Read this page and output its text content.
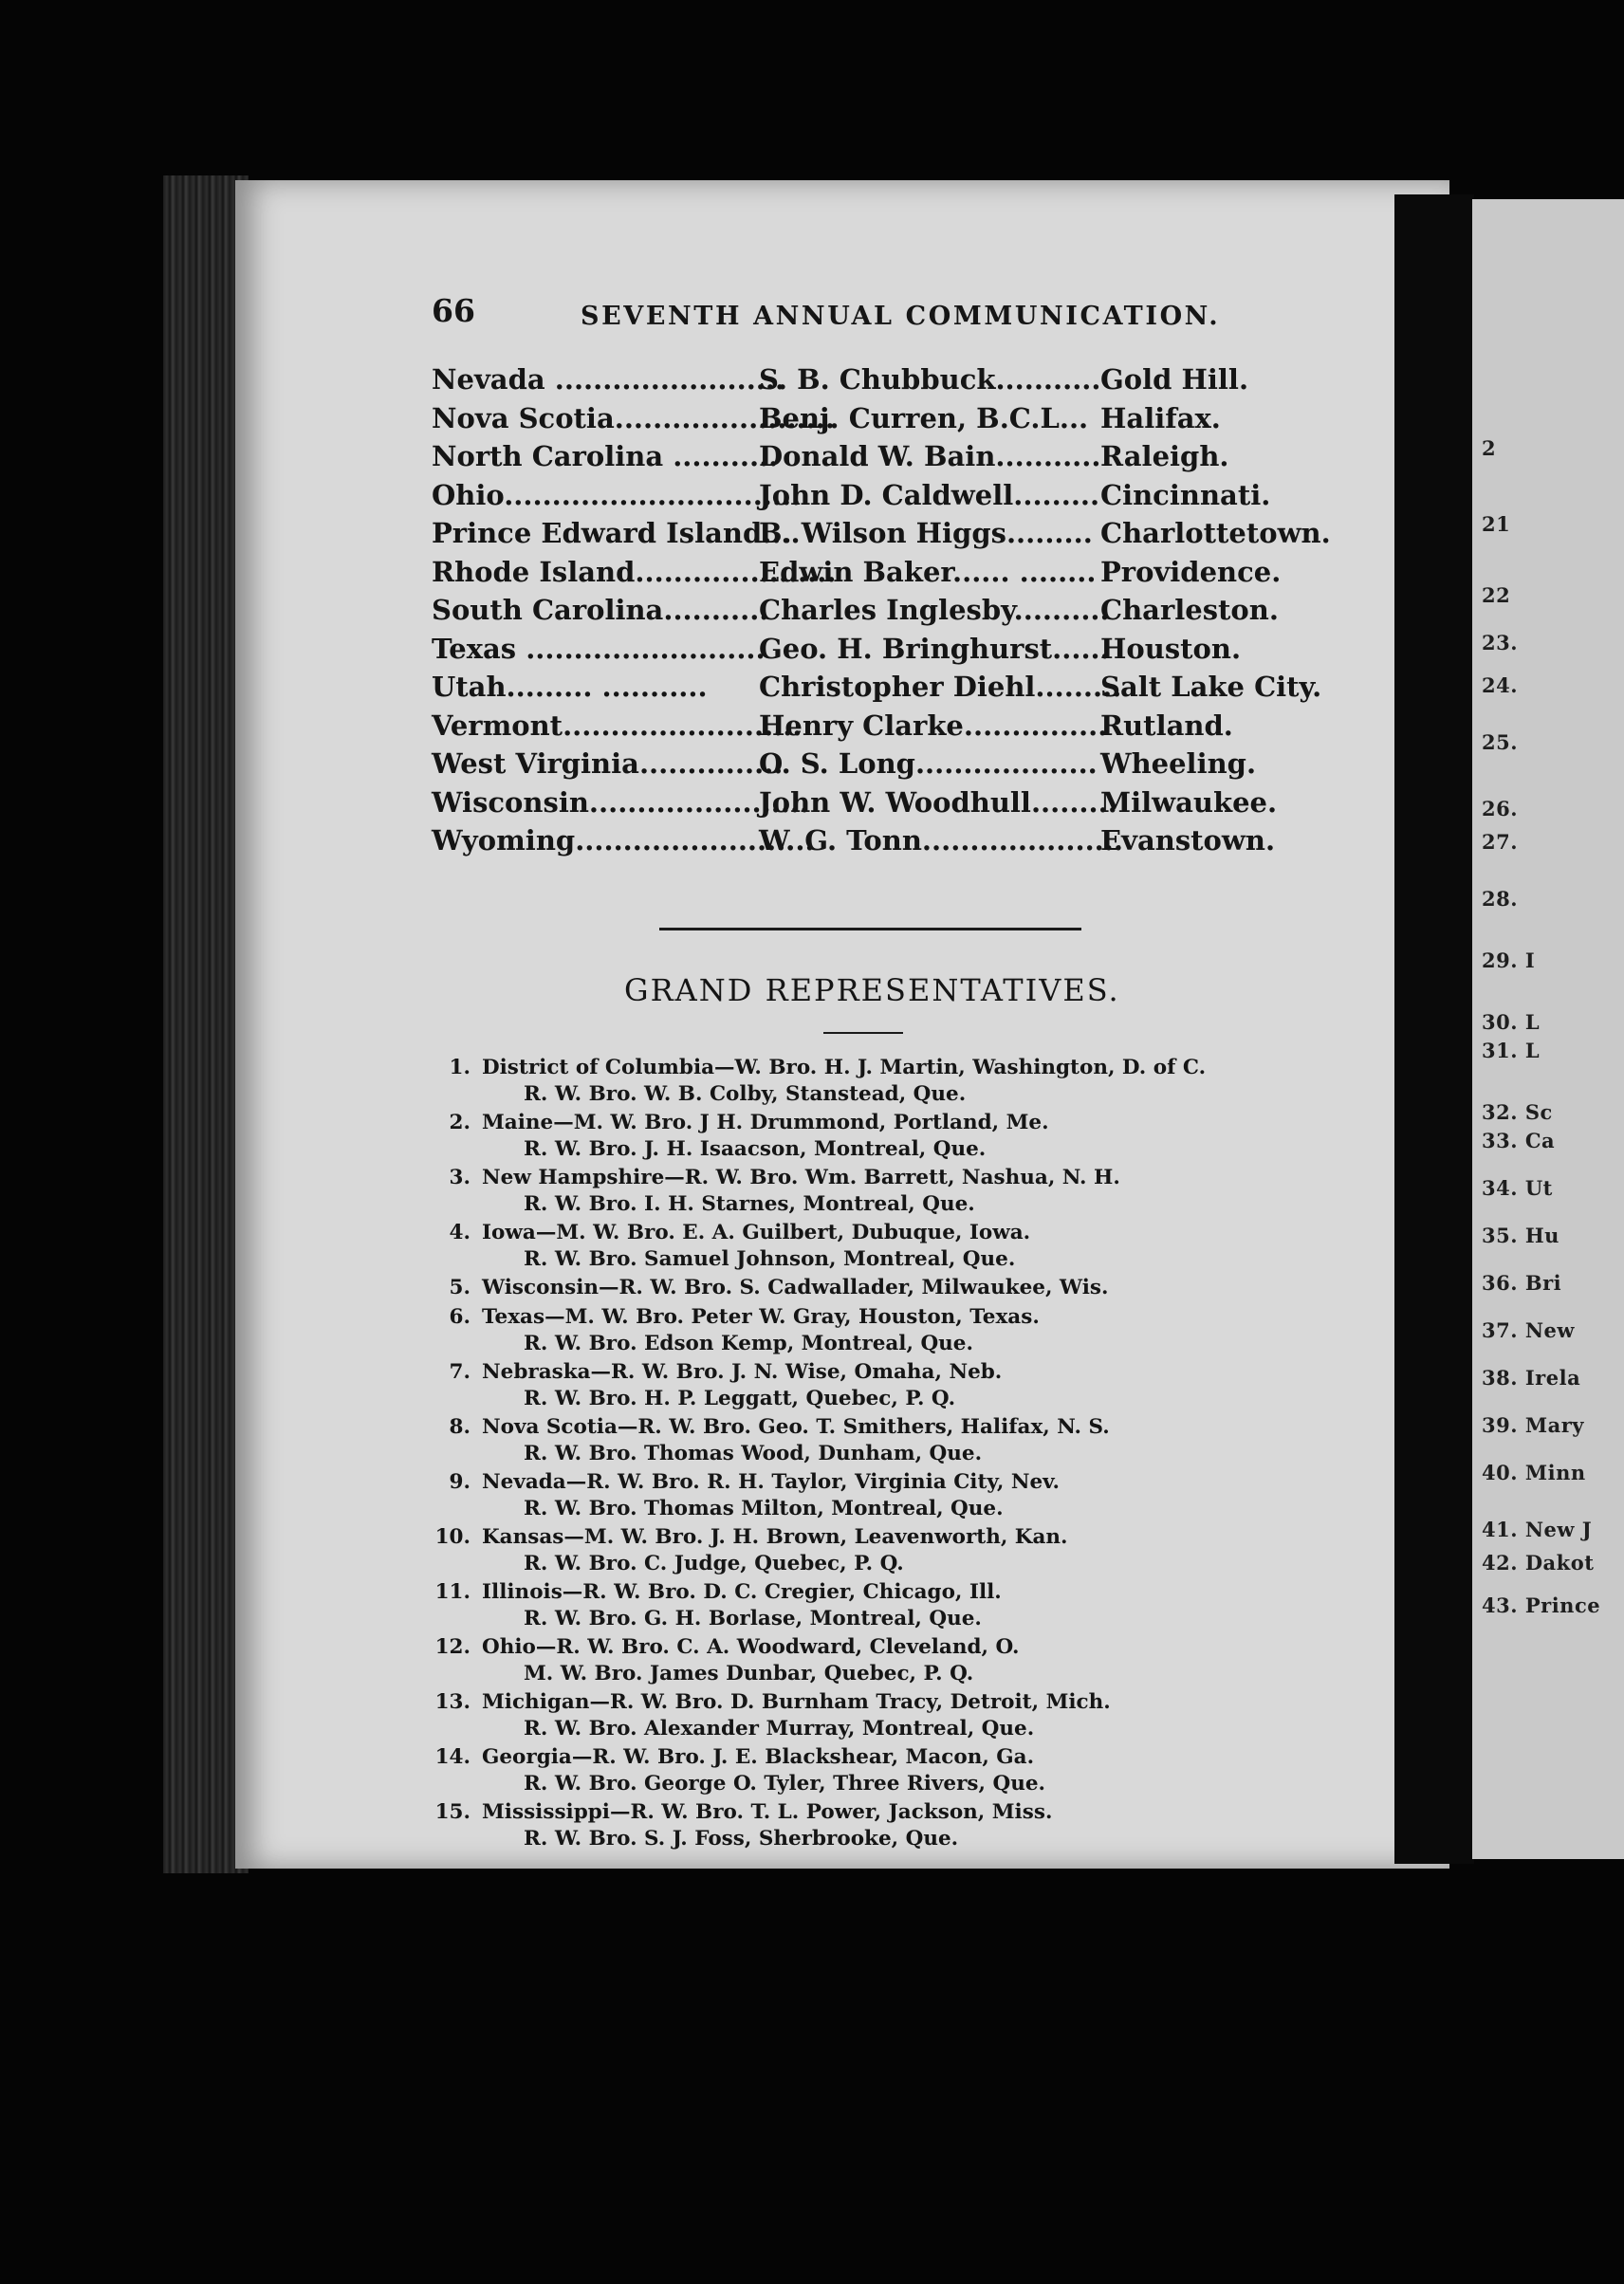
2
21
22
23.
24.
25.
26.
27.
28.
29. I
30. L
31. L
32. Sc
33. Ca
34. Ut
35. Hu
36. Bri
37. New
38. Irela
39. Mary
40. Minn
41. New J
42. Dakot
43. Prince
66	SEVENTH ANNUAL COMMUNICATION.
Nevada ........................
S. B. Chubbuck........... Gold Hill.
Nova Scotia.......................
Benj. Curren, B.C.L... Halifax.
North Carolina ...........
Donald W. Bain........... Raleigh.
Ohio...............................
John D. Caldwell......... Cincinnati.
Prince Edward Island....
B. Wilson Higgs......... Charlottetown.
Rhode Island.....................
Edwin Baker...... ........ Providence.
South Carolina...........
Charles Inglesby..........
Charleston.
Texas .........................
Geo. H. Bringhurst......
Houston.
Utah......... ...........	Christopher Diehl.........
Salt Lake City.
Vermont.........................
Henry Clarke...............
Rutland.
West Virginia...............
O. S. Long................... Wheeling.
Wisconsin.......................
John W. Woodhull.........
Milwaukee.
Wyoming.........................
W. G. Tonn.....................
Evanstown.
GRAND REPRESENTATIVES.
1. District of Columbia—W. Bro. H. J. Martin, Washington, D. of C.
R. W. Bro. W. B. Colby, Stanstead, Que.
2. Maine—M. W. Bro. J H. Drummond, Portland, Me.
R. W. Bro. J. H. Isaacson, Montreal, Que.
3. New Hampshire—R. W. Bro. Wm. Barrett, Nashua, N. H.
R. W. Bro. I. H. Starnes, Montreal, Que.
4. Iowa—M. W. Bro. E. A. Guilbert, Dubuque, Iowa.
R. W. Bro. Samuel Johnson, Montreal, Que.
5. Wisconsin—R. W. Bro. S. Cadwallader, Milwaukee, Wis.
6. Texas—M. W. Bro. Peter W. Gray, Houston, Texas.
R. W. Bro. Edson Kemp, Montreal, Que.
7. Nebraska—R. W. Bro. J. N. Wise, Omaha, Neb.
R. W. Bro. H. P. Leggatt, Quebec, P. Q.
8. Nova Scotia—R. W. Bro. Geo. T. Smithers, Halifax, N. S.
R. W. Bro. Thomas Wood, Dunham, Que.
9. Nevada—R. W. Bro. R. H. Taylor, Virginia City, Nev.
R. W. Bro. Thomas Milton, Montreal, Que.
10. Kansas—M. W. Bro. J. H. Brown, Leavenworth, Kan.
R. W. Bro. C. Judge, Quebec, P. Q.
11. Illinois—R. W. Bro. D. C. Cregier, Chicago, Ill.
R. W. Bro. G. H. Borlase, Montreal, Que.
12. Ohio—R. W. Bro. C. A. Woodward, Cleveland, O.
M. W. Bro. James Dunbar, Quebec, P. Q.
13. Michigan—R. W. Bro. D. Burnham Tracy, Detroit, Mich.
R. W. Bro. Alexander Murray, Montreal, Que.
14. Georgia—R. W. Bro. J. E. Blackshear, Macon, Ga.
R. W. Bro. George O. Tyler, Three Rivers, Que.
15. Mississippi—R. W. Bro. T. L. Power, Jackson, Miss.
R. W. Bro. S. J. Foss, Sherbrooke, Que.
